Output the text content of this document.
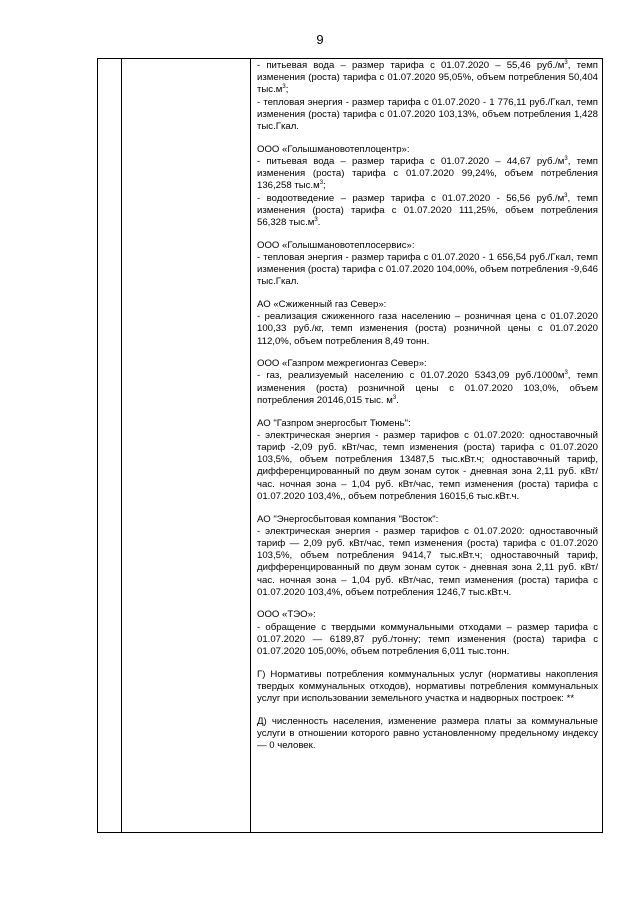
9

- питьевая вода – размер тарифа с 01.07.2020 – 55,46 $руб./м^3$, темп изменения (роста) тарифа с 01.07.2020 95,05%, объем потребления 50,404 $тыс.м^3$;

- тепловая энергия - размер тарифа с 01.07.2020 - 1 776,11 руб./Гкал, темп изменения (роста) тарифа с 01.07.2020 103,13%, объем потребления 1,428 тыс.Гкал.

ООО «Голышмановотеплоцентр»:

- питьевая вода – размер тарифа с 01.07.2020 – 44,67 $руб./м^3$, темп изменения (роста) тарифа с 01.07.2020 99,24%, объем потребления 136,258 $тыс.м^3$;

- водоотведение – размер тарифа с 01.07.2020 - 56,56 $руб./м^3$, темп изменения (роста) тарифа с 01.07.2020 111,25%, объем потребления 56,328 $тыс.м^3$.

ООО «Голышмановотеплосервис»:

- тепловая энергия - размер тарифа с 01.07.2020 - 1 656,54 руб./Гкал, темп изменения (роста) тарифа с 01.07.2020 104,00%, объем потребления -9,646 тыс.Гкал.

АО «Сжиженный газ Север»:

- реализация сжиженного газа населению – розничная цена с 01.07.2020 100,33 руб./кг, темп изменения (роста) розничной цены с 01.07.2020 112,0%, объем потребления 8,49 тонн.

ООО «Газпром межрегионгаз Север»:

- газ, реализуемый населению с 01.07.2020 5343,09 $руб./1000м^3$, темп изменения (роста) розничной цены с 01.07.2020 103,0%, объем потребления 20146,015 тыс. $м^3$.

АО "Газпром энергосбыт Тюмень":

- электрическая энергия - размер тарифов с 01.07.2020: одноставочный тариф -2,09 руб. кВт/час, темп изменения (роста) тарифа с 01.07.2020 103,5%, объем потребления 13487,5 тыс.кВт.ч; одноставочный тариф, дифференцированный по двум зонам суток - дневная зона 2,11 руб. кВт/час. ночная зона – 1,04 руб. кВт/час, темп изменения (роста) тарифа с 01.07.2020 103,4%,, объем потребления 16015,6 тыс.кВт.ч.

АО "Энергосбытовая компания "Восток":

- электрическая энергия - размер тарифов с 01.07.2020: одноставочный тариф — 2,09 руб. кВт/час, темп изменения (роста) тарифа с 01.07.2020 103,5%, объем потребления 9414,7 тыс.кВт.ч; одноставочный тариф, дифференцированный по двум зонам суток - дневная зона 2,11 руб. кВт/час. ночная зона – 1,04 руб. кВт/час, темп изменения (роста) тарифа с 01.07.2020 103,4%, объем потребления 1246,7 тыс.кВт.ч.

ООО «ТЭО»:

- обращение с твердыми коммунальными отходами – размер тарифа с 01.07.2020 — 6189,87 руб./тонну; темп изменения (роста) тарифа с 01.07.2020 105,00%, объем потребления 6,011 тыс.тонн.

Г) Нормативы потребления коммунальных услуг (нормативы накопления твердых коммунальных отходов), нормативы потребления коммунальных услуг при использовании земельного участка и надворных построек: **

Д) численность населения, изменение размера платы за коммунальные услуги в отношении которого равно установленному предельному индексу — 0 человек.
